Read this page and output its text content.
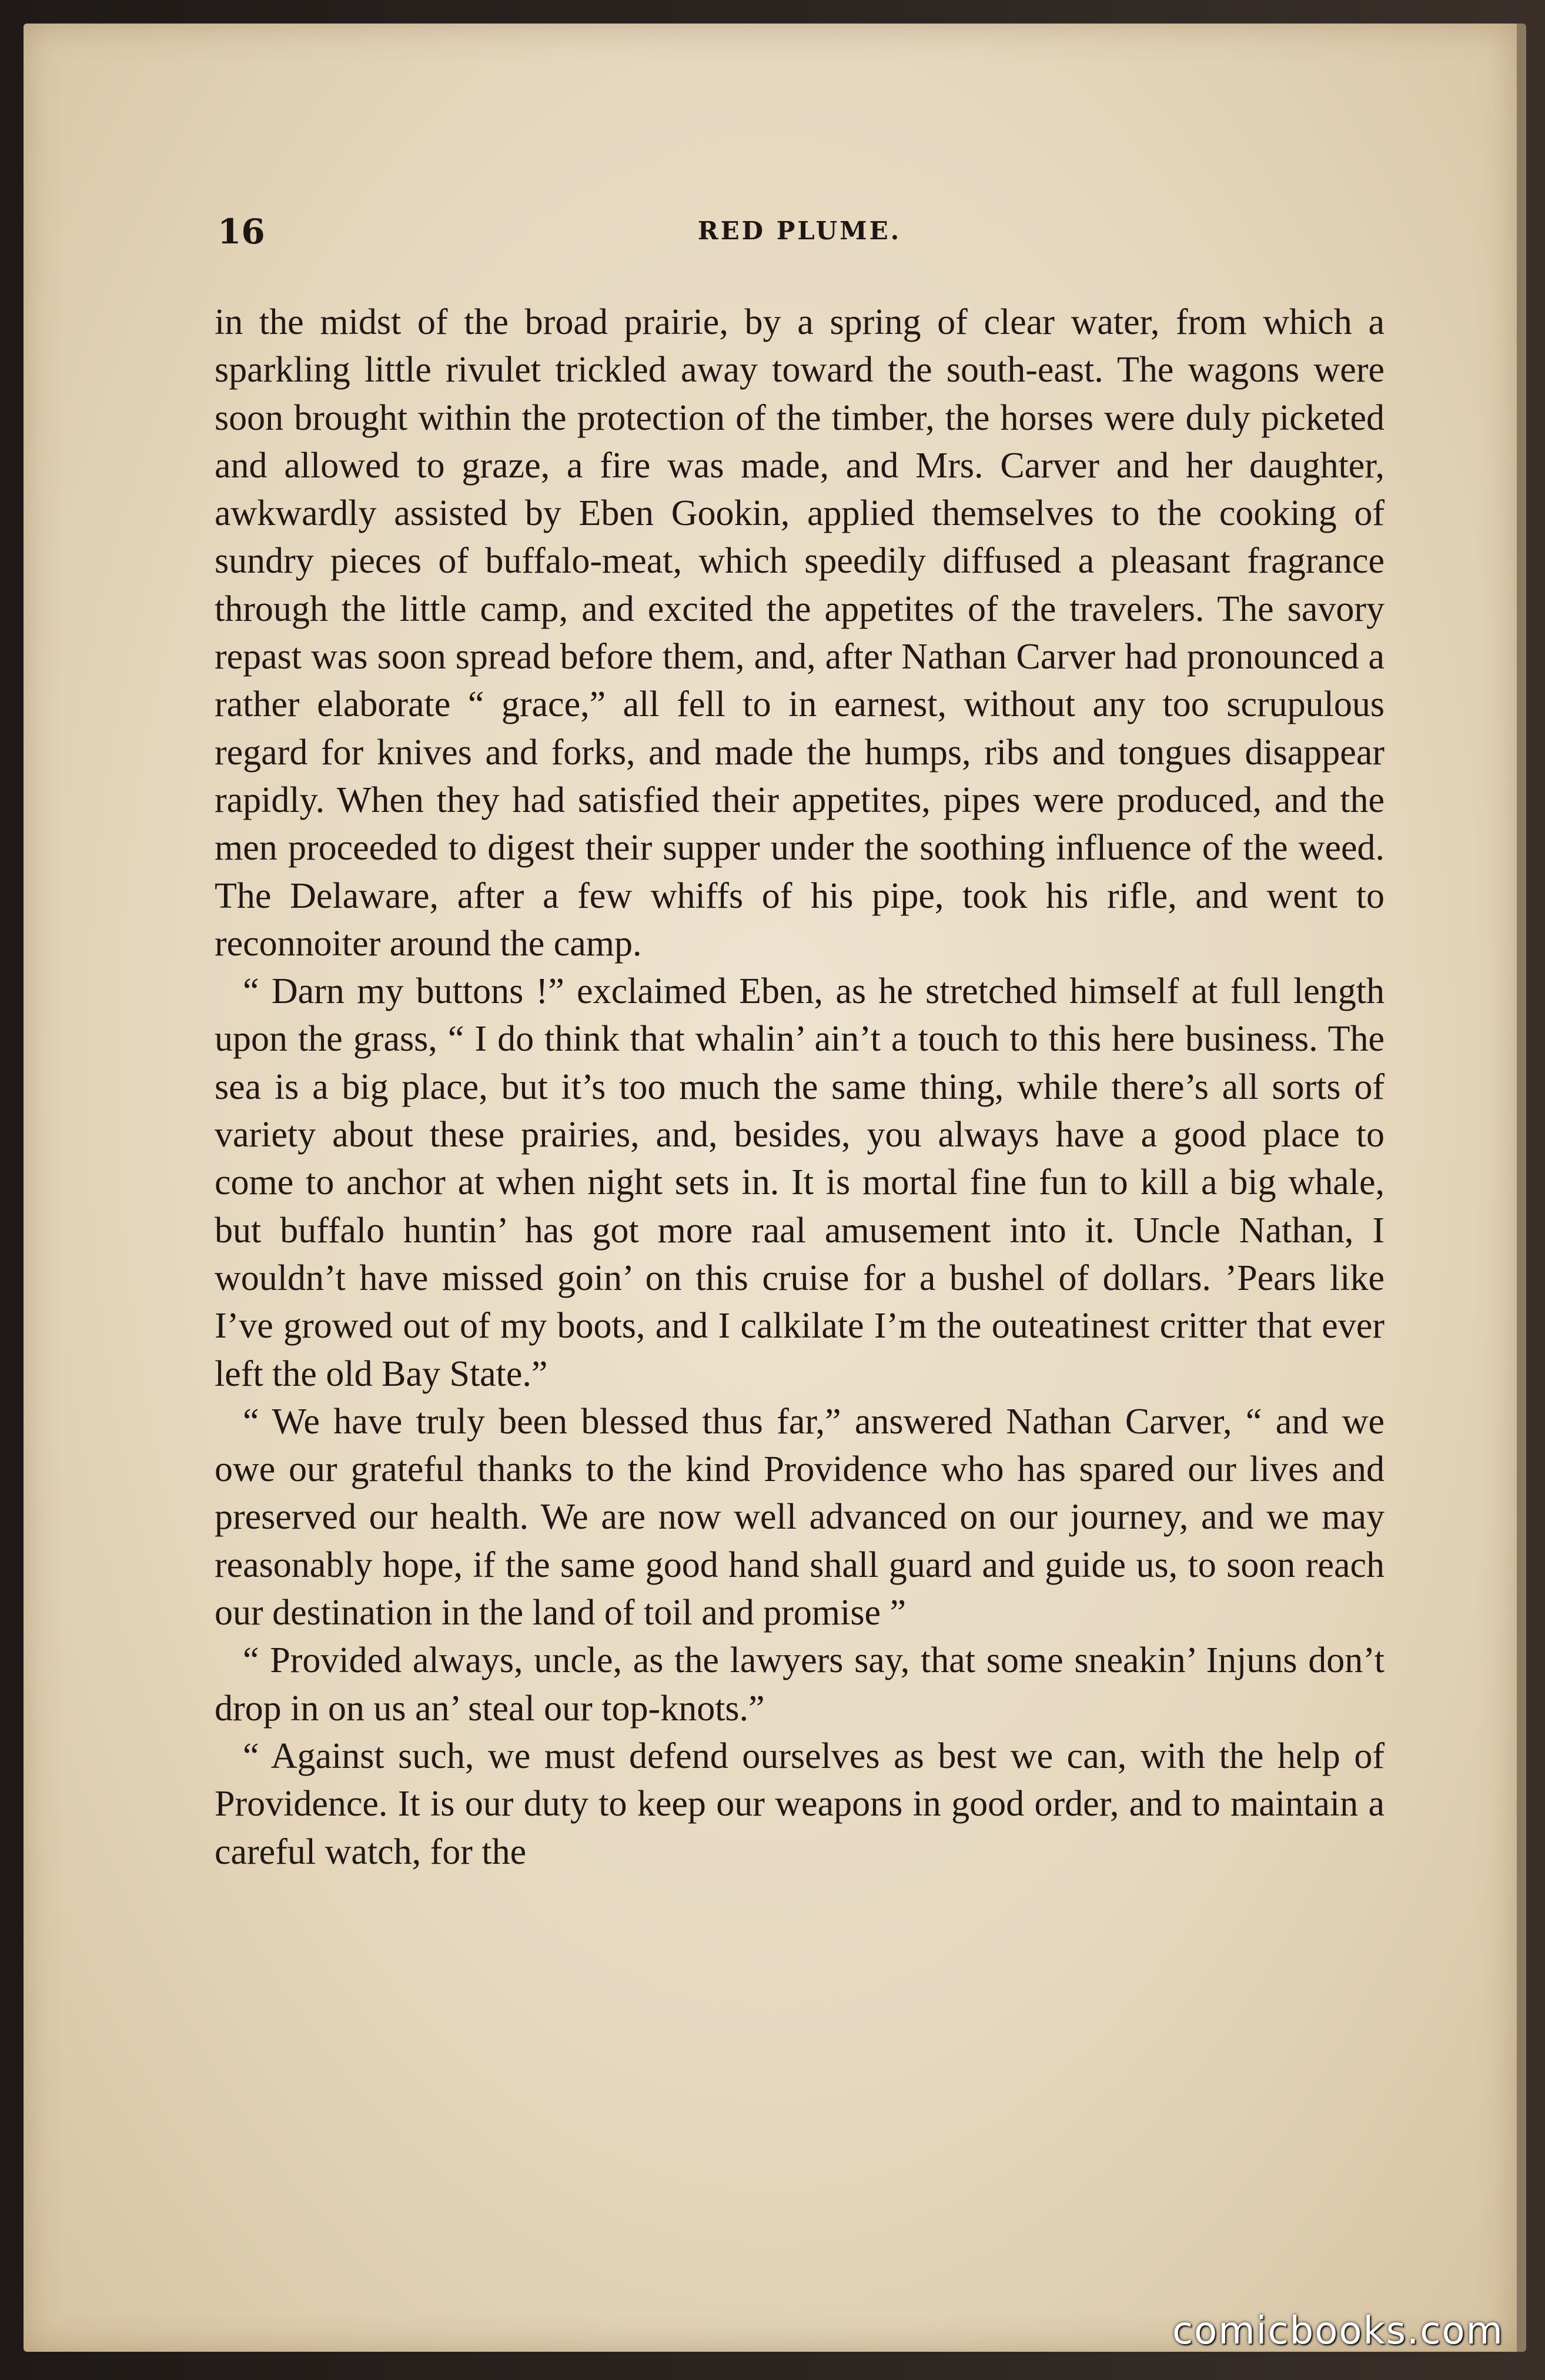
16	RED PLUME.

in the midst of the broad prairie, by a spring of clear water, from which a sparkling little rivulet trickled away toward the south-east. The wagons were soon brought within the protection of the timber, the horses were duly picketed and allowed to graze, a fire was made, and Mrs. Carver and her daughter, awkwardly assisted by Eben Gookin, applied themselves to the cooking of sundry pieces of buffalo-meat, which speedily diffused a pleasant fragrance through the little camp, and excited the appetites of the travelers. The savory repast was soon spread before them, and, after Nathan Carver had pronounced a rather elaborate “ grace,” all fell to in earnest, without any too scrupulous regard for knives and forks, and made the humps, ribs and tongues disappear rapidly. When they had satisfied their appetites, pipes were produced, and the men proceeded to digest their supper under the soothing influence of the weed. The Delaware, after a few whiffs of his pipe, took his rifle, and went to reconnoiter around the camp.

“ Darn my buttons !” exclaimed Eben, as he stretched himself at full length upon the grass, “ I do think that whalin’ ain’t a touch to this here business. The sea is a big place, but it’s too much the same thing, while there’s all sorts of variety about these prairies, and, besides, you always have a good place to come to anchor at when night sets in. It is mortal fine fun to kill a big whale, but buffalo huntin’ has got more raal amusement into it. Uncle Nathan, I wouldn’t have missed goin’ on this cruise for a bushel of dollars. ’Pears like I’ve growed out of my boots, and I calkilate I’m the outeatinest critter that ever left the old Bay State.”

“ We have truly been blessed thus far,” answered Nathan Carver, “ and we owe our grateful thanks to the kind Providence who has spared our lives and preserved our health. We are now well advanced on our journey, and we may reasonably hope, if the same good hand shall guard and guide us, to soon reach our destination in the land of toil and promise ”

“ Provided always, uncle, as the lawyers say, that some sneakin’ Injuns don’t drop in on us an’ steal our top-knots.”

“ Against such, we must defend ourselves as best we can, with the help of Providence. It is our duty to keep our weapons in good order, and to maintain a careful watch, for the

comicbooks.com
